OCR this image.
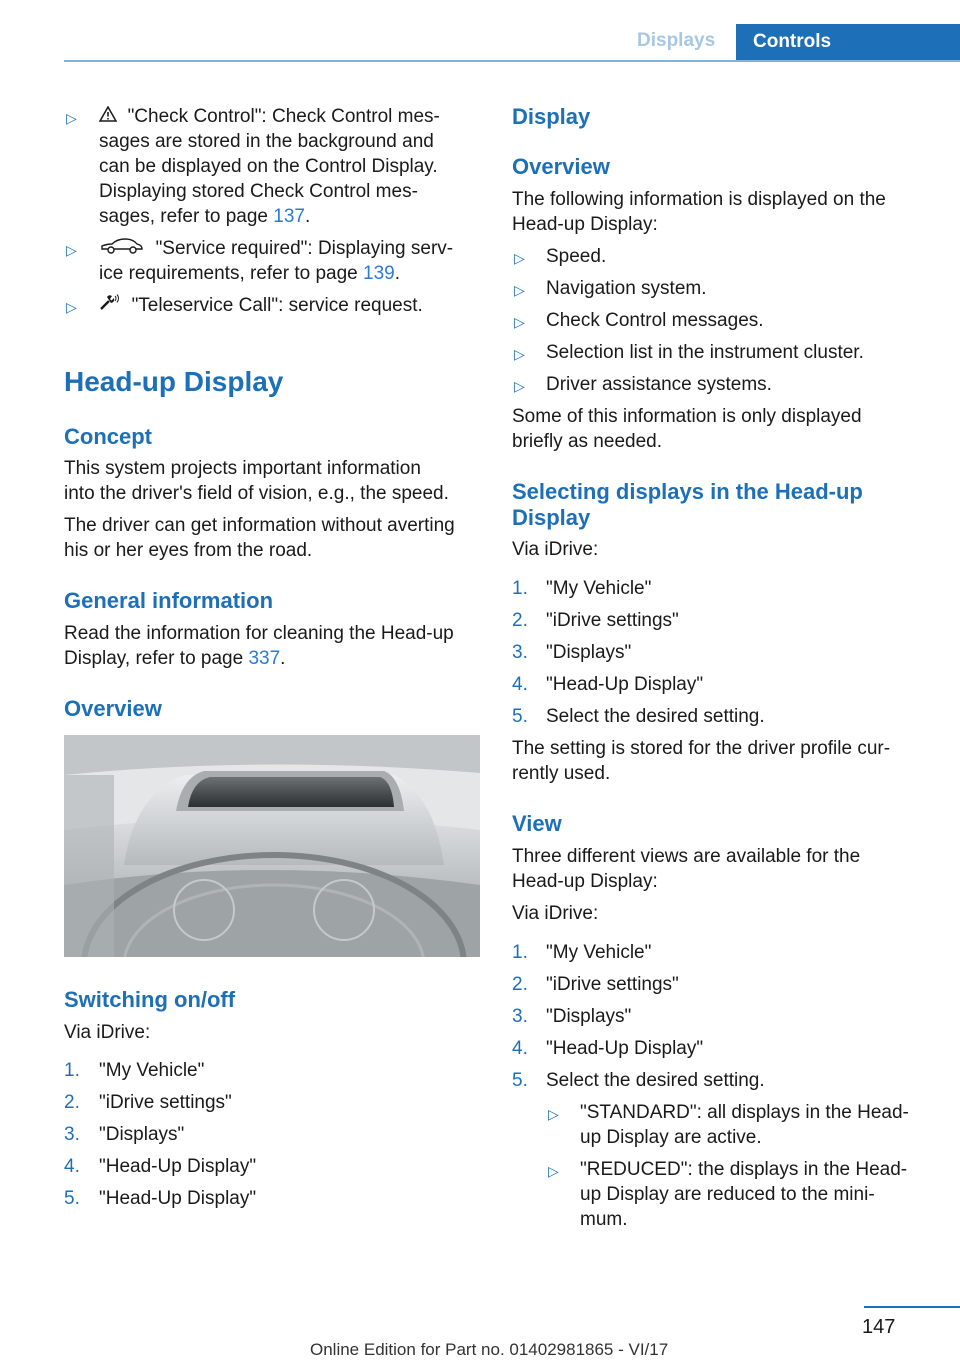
Displays	Controls
▷	"Check Control": Check Control mes-
sages are stored in the background and
can be displayed on the Control Display.
Displaying stored Check Control mes-
sages, refer to page 137.
▷	"Service required": Displaying serv-
ice requirements, refer to page 139.
▷	"Teleservice Call": service request.
Head-up Display
Concept
This system projects important information
into the driver's field of vision, e.g., the speed.
The driver can get information without averting
his or her eyes from the road.
General information
Read the information for cleaning the Head-up
Display, refer to page 337.
Overview
Switching on/off
Via iDrive:
1. "My Vehicle"
2. "iDrive settings"
3. "Displays"
4. "Head-Up Display"
5. "Head-Up Display"
Display
Overview
The following information is displayed on the
Head-up Display:
▷ Speed.
▷ Navigation system.
▷ Check Control messages.
▷ Selection list in the instrument cluster.
▷ Driver assistance systems.
Some of this information is only displayed
briefly as needed.
Selecting displays in the Head-up
Display
Via iDrive:
1. "My Vehicle"
2. "iDrive settings"
3. "Displays"
4. "Head-Up Display"
5. Select the desired setting.
The setting is stored for the driver profile cur-
rently used.
View
Three different views are available for the
Head-up Display:
Via iDrive:
1. "My Vehicle"
2. "iDrive settings"
3. "Displays"
4. "Head-Up Display"
5. Select the desired setting.
▷ "STANDARD": all displays in the Head-
up Display are active.
▷ "REDUCED": the displays in the Head-
up Display are reduced to the mini-
mum.
147
Online Edition for Part no. 01402981865 - VI/17
